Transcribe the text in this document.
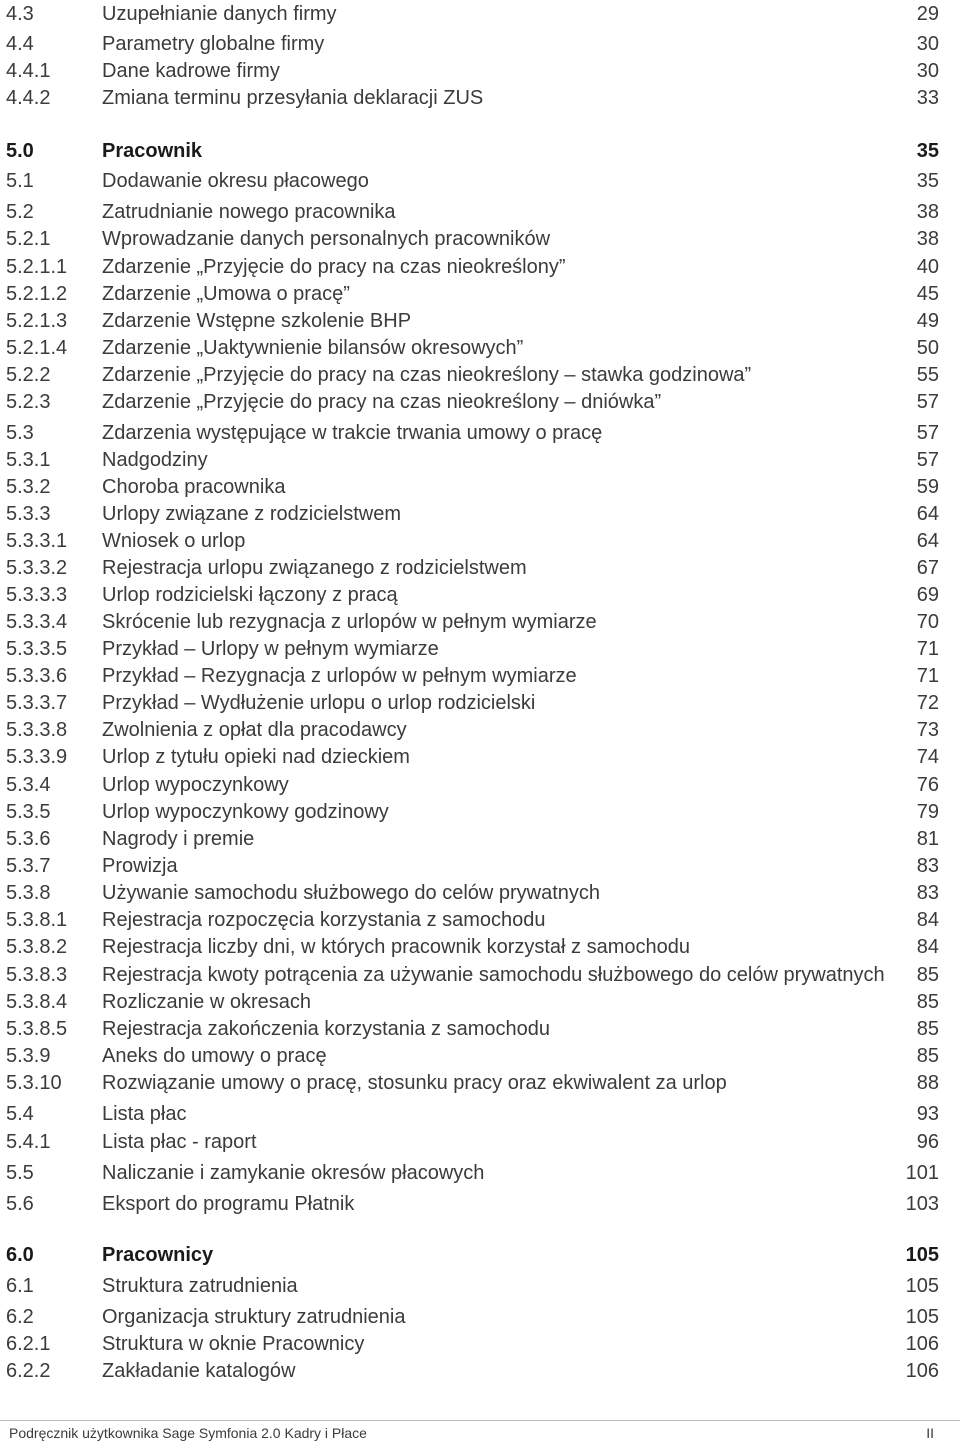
4.3	Uzupełnianie danych firmy	29
4.4	Parametry globalne firmy	30
4.4.1	Dane kadrowe firmy	30
4.4.2	Zmiana terminu przesyłania deklaracji ZUS	33
5.0	Pracownik	35
5.1	Dodawanie okresu płacowego	35
5.2	Zatrudnianie nowego pracownika	38
5.2.1	Wprowadzanie danych personalnych pracowników	38
5.2.1.1 Zdarzenie „Przyjęcie do pracy na czas nieokreślony”	40
5.2.1.2 Zdarzenie „Umowa o pracę”	45
5.2.1.3 Zdarzenie Wstępne szkolenie BHP	49
5.2.1.4 Zdarzenie „Uaktywnienie bilansów okresowych”	50
5.2.2	Zdarzenie „Przyjęcie do pracy na czas nieokreślony – stawka godzinowa”	55
5.2.3	Zdarzenie „Przyjęcie do pracy na czas nieokreślony – dniówka”	57
5.3	Zdarzenia występujące w trakcie trwania umowy o pracę	57
5.3.1	Nadgodziny	57
5.3.2	Choroba pracownika	59
5.3.3	Urlopy związane z rodzicielstwem	64
5.3.3.1 Wniosek o urlop	64
5.3.3.2 Rejestracja urlopu związanego z rodzicielstwem	67
5.3.3.3 Urlop rodzicielski łączony z pracą	69
5.3.3.4 Skrócenie lub rezygnacja z urlopów w pełnym wymiarze	70
5.3.3.5 Przykład – Urlopy w pełnym wymiarze	71
5.3.3.6 Przykład – Rezygnacja z urlopów w pełnym wymiarze	71
5.3.3.7 Przykład – Wydłużenie urlopu o urlop rodzicielski	72
5.3.3.8 Zwolnienia z opłat dla pracodawcy	73
5.3.3.9 Urlop z tytułu opieki nad dzieckiem	74
5.3.4	Urlop wypoczynkowy	76
5.3.5	Urlop wypoczynkowy godzinowy	79
5.3.6	Nagrody i premie	81
5.3.7	Prowizja	83
5.3.8	Używanie samochodu służbowego do celów prywatnych	83
5.3.8.1 Rejestracja rozpoczęcia korzystania z samochodu	84
5.3.8.2 Rejestracja liczby dni, w których pracownik korzystał z samochodu	84
5.3.8.3 Rejestracja kwoty potrącenia za używanie samochodu służbowego do celów prywatnych 85
5.3.8.4 Rozliczanie w okresach	85
5.3.8.5 Rejestracja zakończenia korzystania z samochodu	85
5.3.9	Aneks do umowy o pracę	85
5.3.10 Rozwiązanie umowy o pracę, stosunku pracy oraz ekwiwalent za urlop	88
5.4	Lista płac	93
5.4.1	Lista płac - raport	96
5.5	Naliczanie i zamykanie okresów płacowych	101
5.6	Eksport do programu Płatnik	103
6.0	Pracownicy	105
6.1	Struktura zatrudnienia	105
6.2	Organizacja struktury zatrudnienia	105
6.2.1	Struktura w oknie Pracownicy	106
6.2.2	Zakładanie katalogów	106
Podręcznik użytkownika Sage Symfonia 2.0 Kadry i Płace	II
